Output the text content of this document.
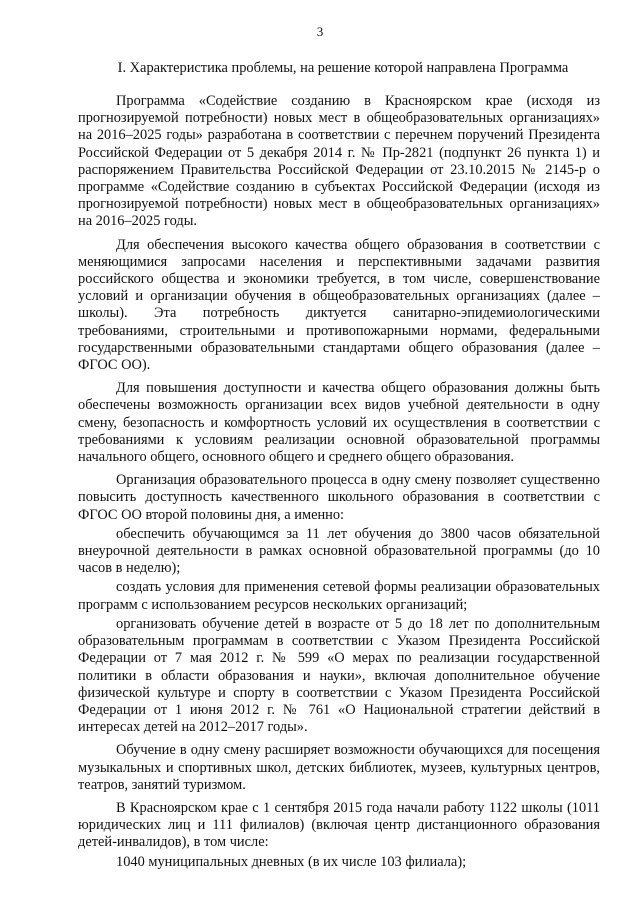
3
I. Характеристика проблемы, на решение которой направлена Программа

Программа «Содействие созданию в Красноярском крае (исходя из прогнозируемой потребности) новых мест в общеобразовательных организациях» на 2016–2025 годы» разработана в соответствии с перечнем поручений Президента Российской Федерации от 5 декабря 2014 г. № Пр-2821 (подпункт 26 пункта 1) и распоряжением Правительства Российской Федерации от 23.10.2015 № 2145-р о программе «Содействие созданию в субъектах Российской Федерации (исходя из прогнозируемой потребности) новых мест в общеобразовательных организациях» на 2016–2025 годы.

Для обеспечения высокого качества общего образования в соответствии с меняющимися запросами населения и перспективными задачами развития российского общества и экономики требуется, в том числе, совершенствование условий и организации обучения в общеобразовательных организациях (далее – школы). Эта потребность диктуется санитарно-эпидемиологическими требованиями, строительными и противопожарными нормами, федеральными государственными образовательными стандартами общего образования (далее – ФГОС ОО).

Для повышения доступности и качества общего образования должны быть обеспечены возможность организации всех видов учебной деятельности в одну смену, безопасность и комфортность условий их осуществления в соответствии с требованиями к условиям реализации основной образовательной программы начального общего, основного общего и среднего общего образования.

Организация образовательного процесса в одну смену позволяет существенно повысить доступность качественного школьного образования в соответствии с ФГОС ОО второй половины дня, а именно:

обеспечить обучающимся за 11 лет обучения до 3800 часов обязательной внеурочной деятельности в рамках основной образовательной программы (до 10 часов в неделю);

создать условия для применения сетевой формы реализации образовательных программ с использованием ресурсов нескольких организаций;

организовать обучение детей в возрасте от 5 до 18 лет по дополнительным образовательным программам в соответствии с Указом Президента Российской Федерации от 7 мая 2012 г. № 599 «О мерах по реализации государственной политики в области образования и науки», включая дополнительное обучение физической культуре и спорту в соответствии с Указом Президента Российской Федерации от 1 июня 2012 г. № 761 «О Национальной стратегии действий в интересах детей на 2012–2017 годы».

Обучение в одну смену расширяет возможности обучающихся для посещения музыкальных и спортивных школ, детских библиотек, музеев, культурных центров, театров, занятий туризмом.

В Красноярском крае с 1 сентября 2015 года начали работу 1122 школы (1011 юридических лиц и 111 филиалов) (включая центр дистанционного образования детей-инвалидов), в том числе:

1040 муниципальных дневных (в их числе 103 филиала);
